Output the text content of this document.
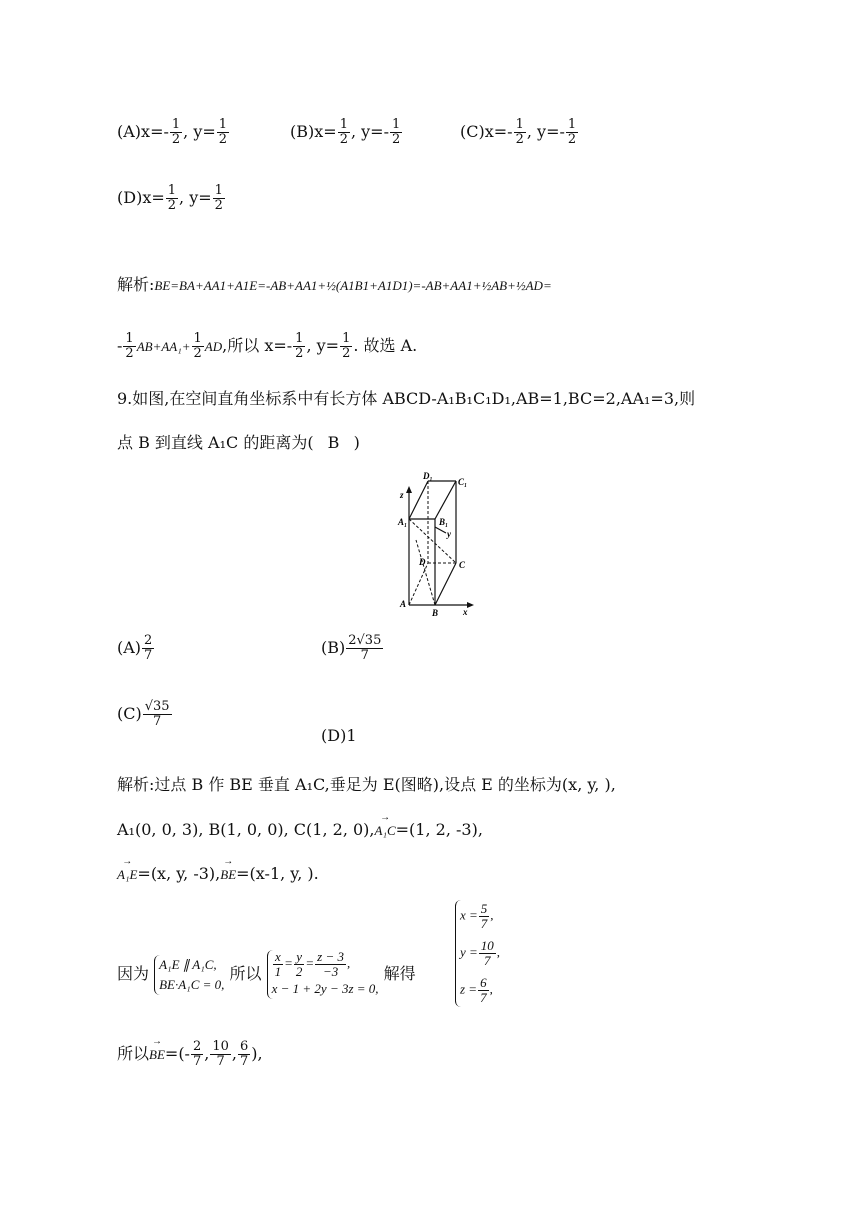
$(A)x=- \frac{1}{2}$ , $y= \frac{1}{2}$	$(B)x= \frac{1}{2}$ , $y=- \frac{1}{2}$	$(C)x=- \frac{1}{2}$ , $y=- \frac{1}{2}$
$(D)x= \frac{1}{2}$ , $y= \frac{1}{2}$
解析:BE=BA+AA1+A1E=-AB+AA1+½(A1B1+A1D1)=-AB+AA1+½AB+½AD=
- $\frac{1}{2} AB+AA_1+ \frac{1}{2}$ AD,所以 $x=- \frac{1}{2}$ , $y= \frac{1}{2}$ . 故选 A.
9.如图,在空间直角坐标系中有长方体 ABCD-A₁B₁C₁D₁,AB=1,BC=2,AA₁=3,则
点 B 到直线 A₁C 的距离为( B )
D₁
C₁
z
A₁	B₁
y
D	C
A
B	x
$(A) \frac{2}{7}$	$(B) \frac{2√35}{7}$
$(C) \frac{√35}{7}$
(D)1
解析:过点 B 作 BE 垂直 A₁C,垂足为 E(图略),设点 E 的坐标为(x, y, ),
A₁(0, 0, 3), B(1, 0, 0), C(1, 2, 0),→ A₁C=(1, 2, -3),
→ A₁E=(x, y, -3),→ BE=(x-1, y, ).
因为 A₁E ∥ A₁C,
BE·A₁C = 0,
所以 $\frac{x}{1} = \frac{y}{2} = \frac{z - 3}{-3}$ ,
x − 1 + 2y − 3z = 0,
解得
$x = \frac{5}{7}$ ,
$y = \frac{10}{7}$ ,
$z = \frac{6}{7}$ ,
所以→ $BE=(- \frac{2}{7}$ , $\frac{10}{7}$ , $\frac{6}{7}$ ),
